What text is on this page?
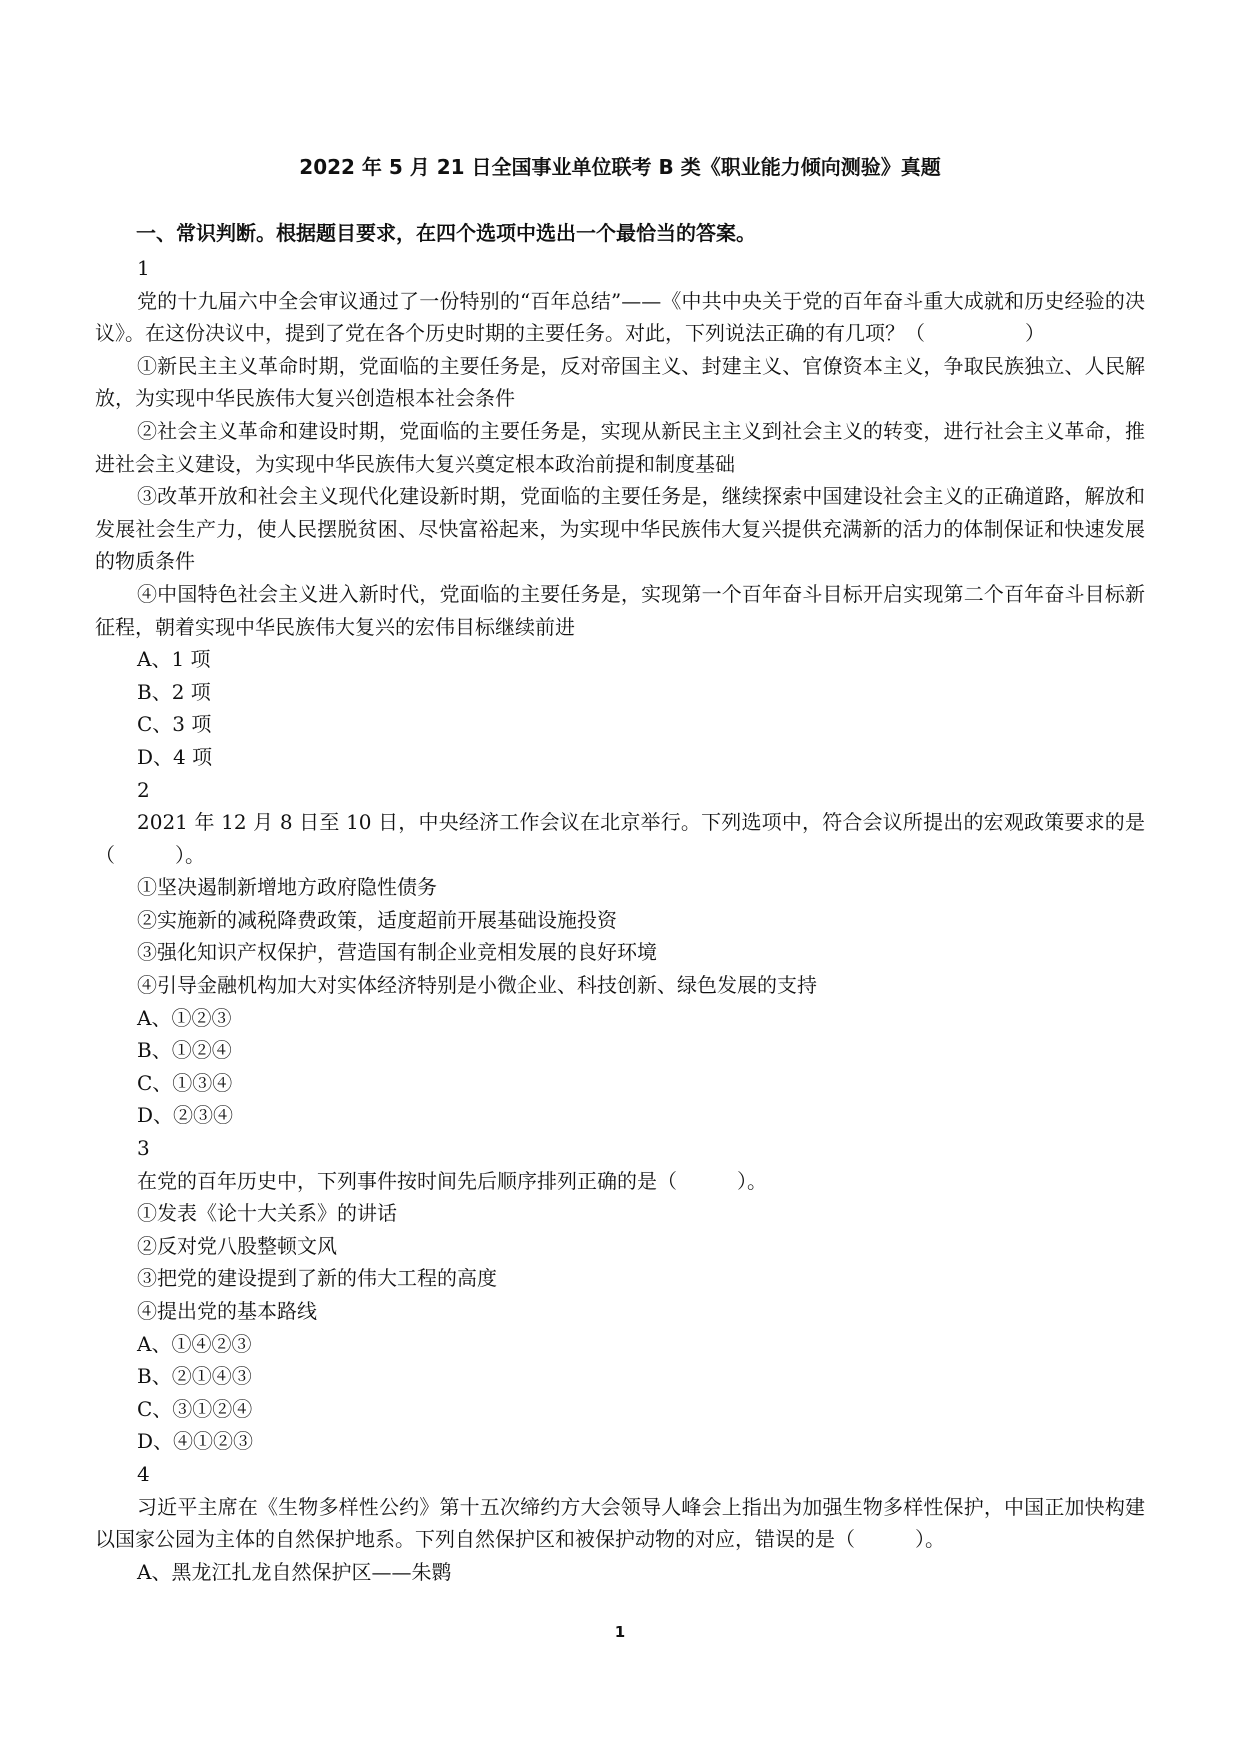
2022 年 5 月 21 日全国事业单位联考 B 类《职业能力倾向测验》真题
一、常识判断。根据题目要求，在四个选项中选出一个最恰当的答案。

1

党的十九届六中全会审议通过了一份特别的“百年总结”——《中共中央关于党的百年奋斗重大成就和历史经验的决议》。在这份决议中，提到了党在各个历史时期的主要任务。对此，下列说法正确的有几项？（　　　　　）

①新民主主义革命时期，党面临的主要任务是，反对帝国主义、封建主义、官僚资本主义，争取民族独立、人民解放，为实现中华民族伟大复兴创造根本社会条件

②社会主义革命和建设时期，党面临的主要任务是，实现从新民主主义到社会主义的转变，进行社会主义革命，推进社会主义建设，为实现中华民族伟大复兴奠定根本政治前提和制度基础

③改革开放和社会主义现代化建设新时期，党面临的主要任务是，继续探索中国建设社会主义的正确道路，解放和发展社会生产力，使人民摆脱贫困、尽快富裕起来，为实现中华民族伟大复兴提供充满新的活力的体制保证和快速发展的物质条件

④中国特色社会主义进入新时代，党面临的主要任务是，实现第一个百年奋斗目标开启实现第二个百年奋斗目标新征程，朝着实现中华民族伟大复兴的宏伟目标继续前进

A、1 项

B、2 项

C、3 项

D、4 项

2

2021 年 12 月 8 日至 10 日，中央经济工作会议在北京举行。下列选项中，符合会议所提出的宏观政策要求的是（　　　）。

①坚决遏制新增地方政府隐性债务

②实施新的减税降费政策，适度超前开展基础设施投资

③强化知识产权保护，营造国有制企业竞相发展的良好环境

④引导金融机构加大对实体经济特别是小微企业、科技创新、绿色发展的支持

A、①②③

B、①②④

C、①③④

D、②③④

3

在党的百年历史中，下列事件按时间先后顺序排列正确的是（　　　）。

①发表《论十大关系》的讲话

②反对党八股整顿文风

③把党的建设提到了新的伟大工程的高度

④提出党的基本路线

A、①④②③

B、②①④③

C、③①②④

D、④①②③

4

习近平主席在《生物多样性公约》第十五次缔约方大会领导人峰会上指出为加强生物多样性保护，中国正加快构建以国家公园为主体的自然保护地系。下列自然保护区和被保护动物的对应，错误的是（　　　）。

A、黑龙江扎龙自然保护区——朱鹮

1
